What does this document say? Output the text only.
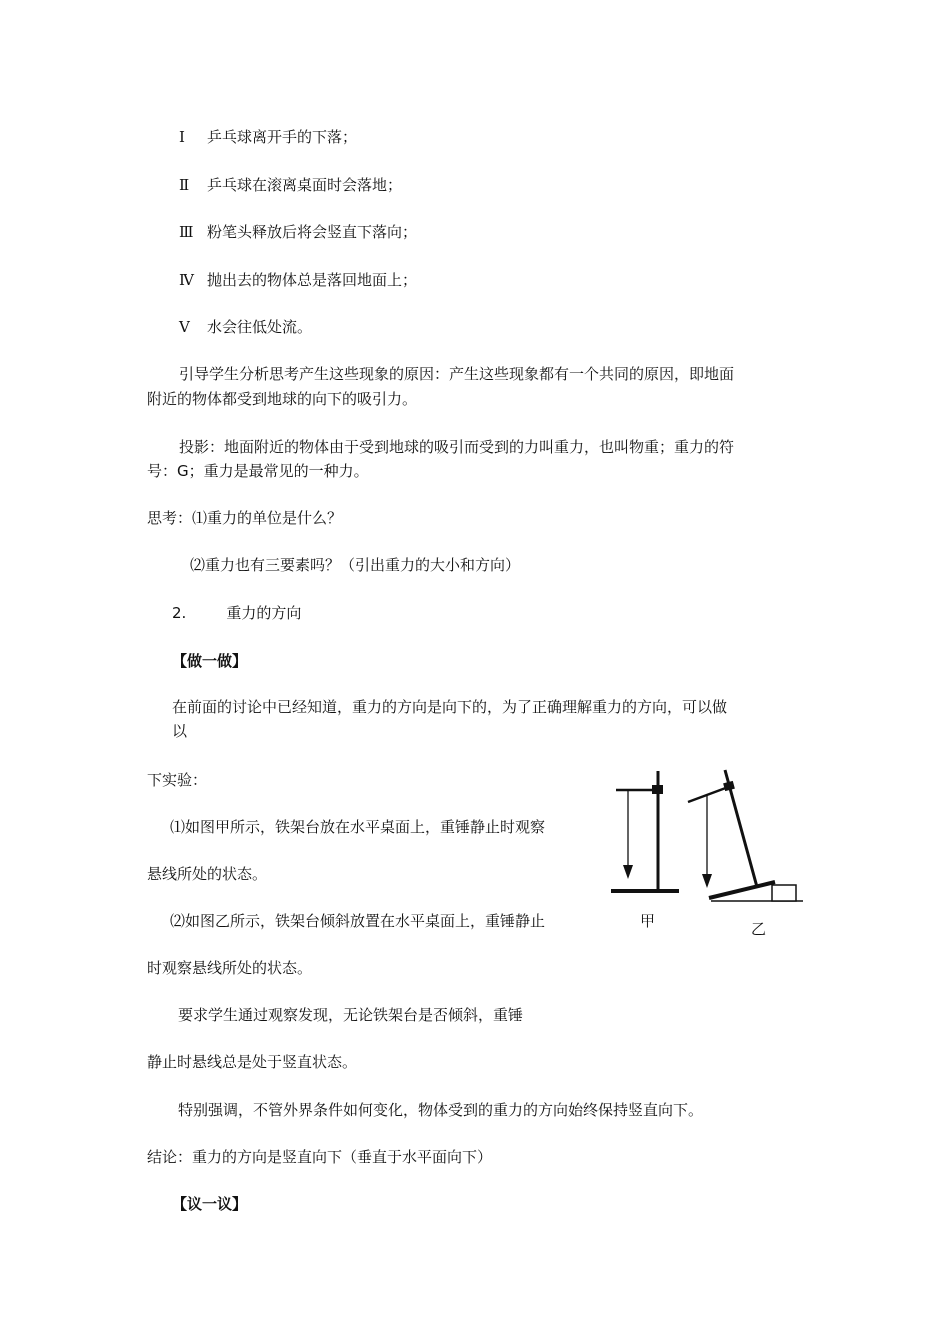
Ⅰ 乒乓球离开手的下落；
Ⅱ 乒乓球在滚离桌面时会落地；
Ⅲ 粉笔头释放后将会竖直下落向；
Ⅳ 抛出去的物体总是落回地面上；
Ⅴ 水会往低处流。
引导学生分析思考产生这些现象的原因：产生这些现象都有一个共同的原因，即地面
附近的物体都受到地球的向下的吸引力。
投影：地面附近的物体由于受到地球的吸引而受到的力叫重力，也叫物重；重力的符
号：G；重力是最常见的一种力。
思考：⑴重力的单位是什么？
⑵重力也有三要素吗？（引出重力的大小和方向）
2.	重力的方向
【做一做】
在前面的讨论中已经知道，重力的方向是向下的，为了正确理解重力的方向，可以做
以
下实验：
⑴如图甲所示，铁架台放在水平桌面上，重锤静止时观察
悬线所处的状态。
⑵如图乙所示，铁架台倾斜放置在水平桌面上，重锤静止
时观察悬线所处的状态。
甲	乙
要求学生通过观察发现，无论铁架台是否倾斜，重锤
静止时悬线总是处于竖直状态。
特别强调，不管外界条件如何变化，物体受到的重力的方向始终保持竖直向下。
结论：重力的方向是竖直向下（垂直于水平面向下）
【议一议】
